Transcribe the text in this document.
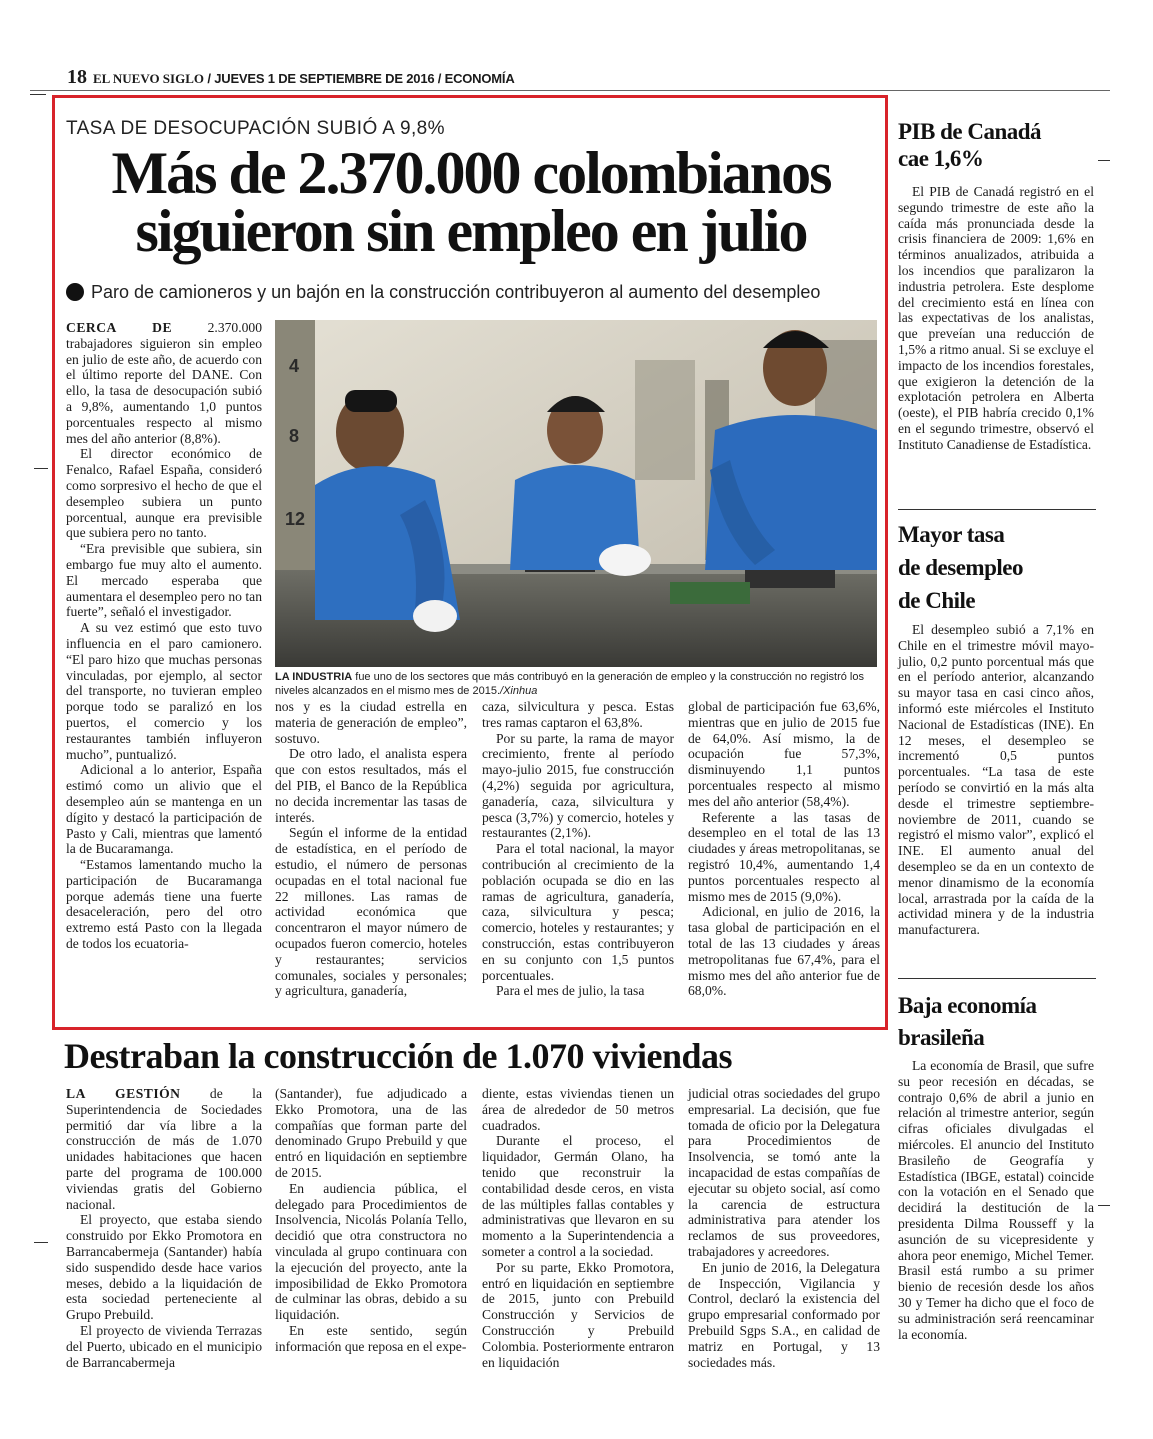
18 EL NUEVO SIGLO / JUEVES 1 DE SEPTIEMBRE DE 2016 / ECONOMÍA
TASA DE DESOCUPACIÓN SUBIÓ A 9,8%
Más de 2.370.000 colombianos
siguieron sin empleo en julio
Paro de camioneros y un bajón en la construcción contribuyeron al aumento del desempleo
4
8
12
LA INDUSTRIA fue uno de los sectores que más contribuyó en la generación de empleo y la construcción no registró los niveles alcanzados en el mismo mes de 2015./Xinhua

CERCA DE 2.370.000 trabajadores siguieron sin empleo en julio de este año, de acuerdo con el último reporte del DANE. Con ello, la tasa de desocupación subió a 9,8%, aumentando 1,0 puntos porcentuales respecto al mismo mes del año anterior (8,8%).

El director económico de Fenalco, Rafael España, consideró como sorpresivo el hecho de que el desempleo subiera un punto porcentual, aunque era previsible que subiera pero no tanto.

“Era previsible que subiera, sin embargo fue muy alto el aumento. El mercado esperaba que aumentara el desempleo pero no tan fuerte”, señaló el investigador.

A su vez estimó que esto tuvo influencia en el paro camionero. “El paro hizo que muchas personas vinculadas, por ejemplo, al sector del transporte, no tuvieran empleo porque todo se paralizó en los puertos, el comercio y los restaurantes también influyeron mucho”, puntualizó.

Adicional a lo anterior, España estimó como un alivio que el desempleo aún se mantenga en un dígito y destacó la participación de Pasto y Cali, mientras que lamentó la de Bucaramanga.

“Estamos lamentando mucho la participación de Bucaramanga porque además tiene una fuerte desaceleración, pero del otro extremo está Pasto con la llegada de todos los ecuatoria-

nos y es la ciudad estrella en materia de generación de empleo”, sostuvo.

De otro lado, el analista espera que con estos resultados, más el del PIB, el Banco de la República no decida incrementar las tasas de interés.

Según el informe de la entidad de estadística, en el período de estudio, el número de personas ocupadas en el total nacional fue 22 millones. Las ramas de actividad económica que concentraron el mayor número de ocupados fueron comercio, hoteles y restaurantes; servicios comunales, sociales y personales; y agricultura, ganadería,

caza, silvicultura y pesca. Estas tres ramas captaron el 63,8%.

Por su parte, la rama de mayor crecimiento, frente al período mayo-julio 2015, fue construcción (4,2%) seguida por agricultura, ganadería, caza, silvicultura y pesca (3,7%) y comercio, hoteles y restaurantes (2,1%).

Para el total nacional, la mayor contribución al crecimiento de la población ocupada se dio en las ramas de agricultura, ganadería, caza, silvicultura y pesca; comercio, hoteles y restaurantes; y construcción, estas contribuyeron en su conjunto con 1,5 puntos porcentuales.

Para el mes de julio, la tasa

global de participación fue 63,6%, mientras que en julio de 2015 fue de 64,0%. Así mismo, la de ocupación fue 57,3%, disminuyendo 1,1 puntos porcentuales respecto al mismo mes del año anterior (58,4%).

Referente a las tasas de desempleo en el total de las 13 ciudades y áreas metropolitanas, se registró 10,4%, aumentando 1,4 puntos porcentuales respecto al mismo mes de 2015 (9,0%).

Adicional, en julio de 2016, la tasa global de participación en el total de las 13 ciudades y áreas metropolitanas fue 67,4%, para el mismo mes del año anterior fue de 68,0%.

PIB de Canadá
cae 1,6%

El PIB de Canadá registró en el segundo trimestre de este año la caída más pronunciada desde la crisis financiera de 2009: 1,6% en términos anualizados, atribuida a los incendios que paralizaron la industria petrolera. Este desplome del crecimiento está en línea con las expectativas de los analistas, que preveían una reducción de 1,5% a ritmo anual. Si se excluye el impacto de los incendios forestales, que exigieron la detención de la explotación petrolera en Alberta (oeste), el PIB habría crecido 0,1% en el segundo trimestre, observó el Instituto Canadiense de Estadística.

Mayor tasa
de desempleo
de Chile

El desempleo subió a 7,1% en Chile en el trimestre móvil mayo-julio, 0,2 punto porcentual más que en el período anterior, alcanzando su mayor tasa en casi cinco años, informó este miércoles el Instituto Nacional de Estadísticas (INE). En 12 meses, el desempleo se incrementó 0,5 puntos porcentuales. “La tasa de este período se convirtió en la más alta desde el trimestre septiembre-noviembre de 2011, cuando se registró el mismo valor”, explicó el INE. El aumento anual del desempleo se da en un contexto de menor dinamismo de la economía local, arrastrada por la caída de la actividad minera y de la industria manufacturera.

Baja economía
brasileña

La economía de Brasil, que sufre su peor recesión en décadas, se contrajo 0,6% de abril a junio en relación al trimestre anterior, según cifras oficiales divulgadas el miércoles. El anuncio del Instituto Brasileño de Geografía y Estadística (IBGE, estatal) coincide con la votación en el Senado que decidirá la destitución de la presidenta Dilma Rousseff y la asunción de su vicepresidente y ahora peor enemigo, Michel Temer. Brasil está rumbo a su primer bienio de recesión desde los años 30 y Temer ha dicho que el foco de su administración será reencaminar la economía.

Destraban la construcción de 1.070 viviendas

LA GESTIÓN de la Superintendencia de Sociedades permitió dar vía libre a la construcción de más de 1.070 unidades habitaciones que hacen parte del programa de 100.000 viviendas gratis del Gobierno nacional.

El proyecto, que estaba siendo construido por Ekko Promotora en Barrancabermeja (Santander) había sido suspendido desde hace varios meses, debido a la liquidación de esta sociedad perteneciente al Grupo Prebuild.

El proyecto de vivienda Terrazas del Puerto, ubicado en el municipio de Barrancabermeja

(Santander), fue adjudicado a Ekko Promotora, una de las compañías que forman parte del denominado Grupo Prebuild y que entró en liquidación en septiembre de 2015.

En audiencia pública, el delegado para Procedimientos de Insolvencia, Nicolás Polanía Tello, decidió que otra constructora no vinculada al grupo continuara con la ejecución del proyecto, ante la imposibilidad de Ekko Promotora de culminar las obras, debido a su liquidación.

En este sentido, según información que reposa en el expe-

diente, estas viviendas tienen un área de alrededor de 50 metros cuadrados.

Durante el proceso, el liquidador, Germán Olano, ha tenido que reconstruir la contabilidad desde ceros, en vista de las múltiples fallas contables y administrativas que llevaron en su momento a la Superintendencia a someter a control a la sociedad.

Por su parte, Ekko Promotora, entró en liquidación en septiembre de 2015, junto con Prebuild Construcción y Servicios de Construcción y Prebuild Colombia. Posteriormente entraron en liquidación

judicial otras sociedades del grupo empresarial. La decisión, que fue tomada de oficio por la Delegatura para Procedimientos de Insolvencia, se tomó ante la incapacidad de estas compañías de ejecutar su objeto social, así como la carencia de estructura administrativa para atender los reclamos de sus proveedores, trabajadores y acreedores.

En junio de 2016, la Delegatura de Inspección, Vigilancia y Control, declaró la existencia del grupo empresarial conformado por Prebuild Sgps S.A., en calidad de matriz en Portugal, y 13 sociedades más.
